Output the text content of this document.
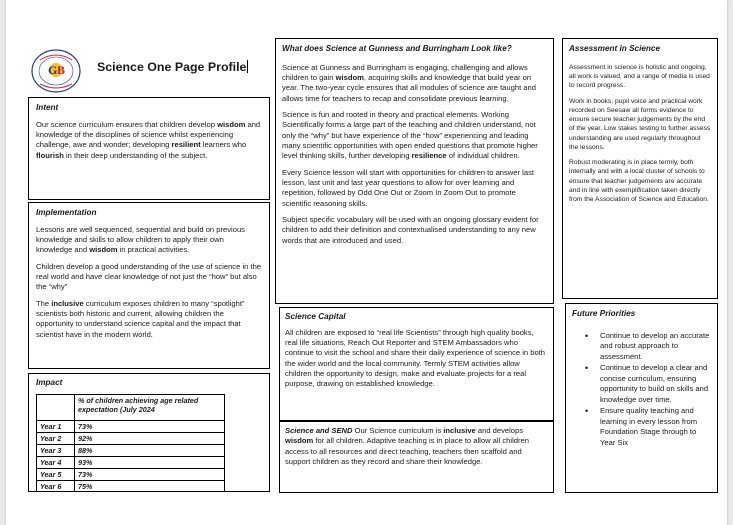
G B	Science One Page Profile
Intent

Our science curriculum ensures that children develop wisdom and knowledge of the disciplines of science whilst experiencing challenge, awe and wonder; developing resilient learners who flourish in their deep understanding of the subject.

Implementation

Lessons are well sequenced, sequential and build on previous knowledge and skills to allow children to apply their own knowledge and wisdom in practical activities.

Children develop a good understanding of the use of science in the real world and have clear knowledge of not just the “how” but also the “why”

The inclusive curriculum exposes children to many “spotlight” scientists both historic and current, allowing children the opportunity to understand science capital and the impact that scientist have in the modern world.

Impact
	% of children achieving age related expectation (July 2024
Year 1	73%
Year 2	92%
Year 3	88%
Year 4	93%
Year 5	73%
Year 6	75%
What does Science at Gunness and Burringham Look like?

Science at Gunness and Burringham is engaging, challenging and allows children to gain wisdom, acquiring skills and knowledge that build year on year. The two-year cycle ensures that all modules of science are taught and allows time for teachers to recap and consolidate previous learning.

Science is fun and rooted in theory and practical elements. Working Scientifically forms a large part of the teaching and children understand, not only the “why” but have experience of the “how” experiencing and leading many scientific opportunities with open ended questions that promote higher level thinking skills, further developing resilience of individual children.

Every Science lesson will start with opportunities for children to answer last lesson, last unit and last year questions to allow for over learning and repetition, followed by Odd One Out or Zoom In Zoom Out to promote scientific reasoning skills.

Subject specific vocabulary will be used with an ongoing glossary evident for children to add their definition and contextualised understanding to any new words that are introduced and used.

Science Capital

All children are exposed to “real life Scientists” through high quality books, real life situations, Reach Out Reporter and STEM Ambassadors who continue to visit the school and share their daily experience of science in both the wider world and the local community. Termly STEM activities allow children the opportunity to design, make and evaluate projects for a real purpose, drawing on established knowledge.

Science and SEND Our Science curriculum is inclusive and develops wisdom for all children. Adaptive teaching is in place to allow all children access to all resources and direct teaching, teachers then scaffold and support children as they record and share their knowledge.

Assessment in Science

Assessment in science is holistic and ongoing, all work is valued, and a range of media is used to record progress.

Work in books, pupil voice and practical work recorded on Seesaw all forms evidence to ensure secure teacher judgements by the end of the year. Low stakes testing to further assess understanding are used regularly throughout the lessons.

Robust moderating is in place termly, both internally and with a local cluster of schools to ensure that teacher judgements are accurate and in line with exemplification taken directly from the Association of Science and Education.

Future Priorities
• Continue to develop an accurate and robust approach to assessment.
• Continue to develop a clear and concise curriculum, ensuring opportunity to build on skills and knowledge over time.
• Ensure quality teaching and learning in every lesson from Foundation Stage through to Year Six
